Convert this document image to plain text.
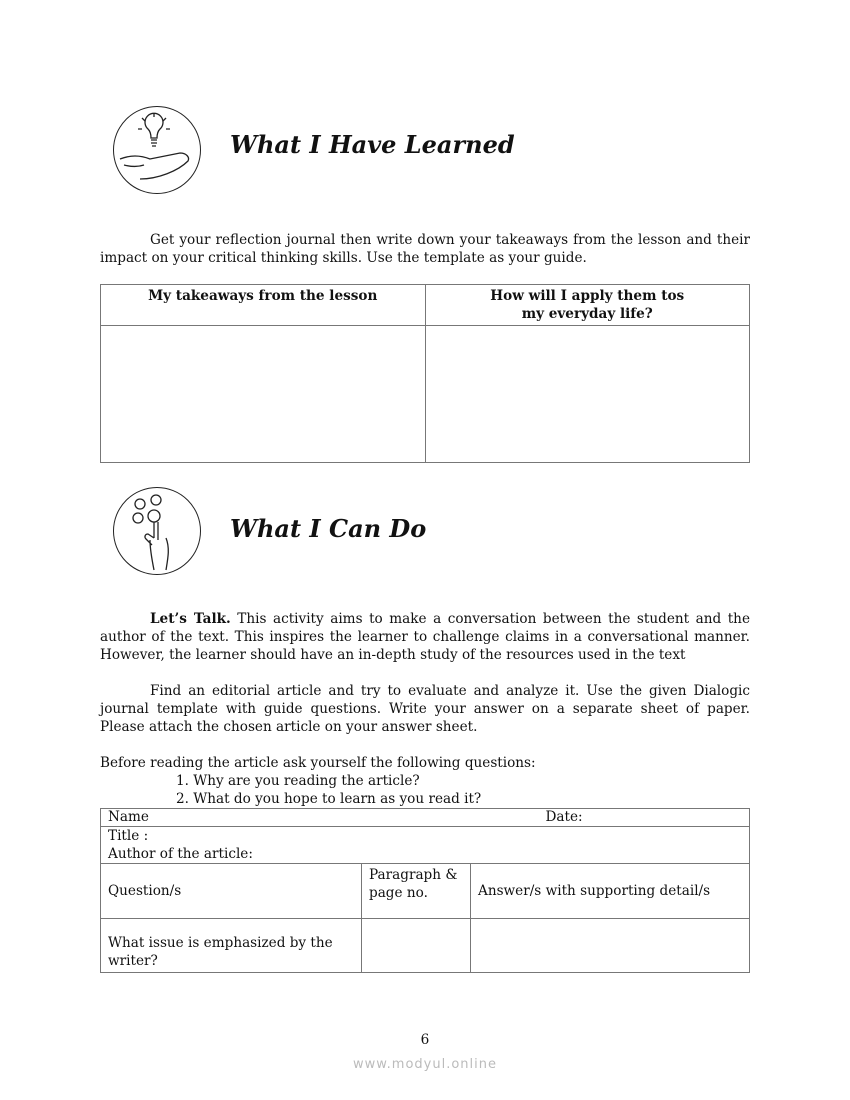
What I Have Learned
Get your reflection journal then write down your takeaways from the lesson and their impact on your critical thinking skills. Use the template as your guide.
My takeaways from the lesson	How will I apply them tos my everyday life?

What I Can Do
Let’s Talk. This activity aims to make a conversation between the student and the author of the text. This inspires the learner to challenge claims in a conversational manner. However, the learner should have an in-depth study of the resources used in the text
Find an editorial article and try to evaluate and analyze it. Use the given Dialogic journal template with guide questions. Write your answer on a separate sheet of paper. Please attach the chosen article on your answer sheet.
Before reading the article ask yourself the following questions:
1. Why are you reading the article?
2. What do you hope to learn as you read it?
Name Date:		

Title :
Author of the article:		

Question/s	Paragraph & page no.	Answer/s with supporting detail/s
What issue is emphasized by the writer?		
6
www.modyul.online
